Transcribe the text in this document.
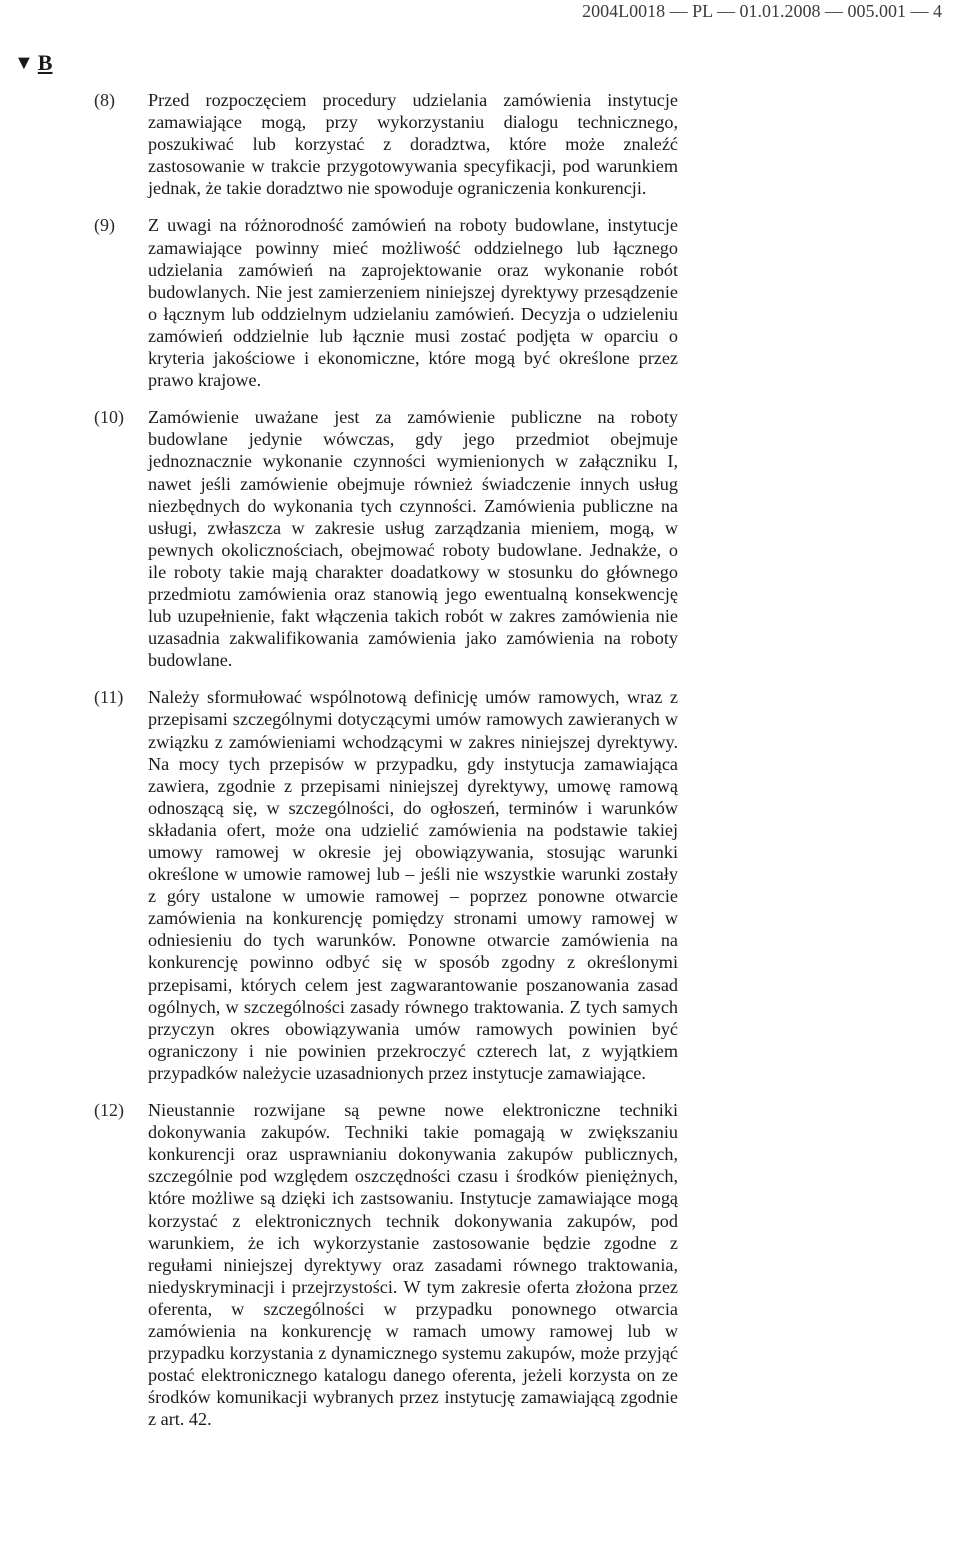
2004L0018 — PL — 01.01.2008 — 005.001 — 4
▼ B
(8) Przed rozpoczęciem procedury udzielania zamówienia instytucje zamawiające mogą, przy wykorzystaniu dialogu technicznego, poszukiwać lub korzystać z doradztwa, które może znaleźć zastosowanie w trakcie przygotowywania specyfikacji, pod warunkiem jednak, że takie doradztwo nie spowoduje ograniczenia konkurencji.
(9) Z uwagi na różnorodność zamówień na roboty budowlane, instytucje zamawiające powinny mieć możliwość oddzielnego lub łącznego udzielania zamówień na zaprojektowanie oraz wykonanie robót budowlanych. Nie jest zamierzeniem niniejszej dyrektywy przesądzenie o łącznym lub oddzielnym udzielaniu zamówień. Decyzja o udzieleniu zamówień oddzielnie lub łącznie musi zostać podjęta w oparciu o kryteria jakościowe i ekonomiczne, które mogą być określone przez prawo krajowe.
(10) Zamówienie uważane jest za zamówienie publiczne na roboty budowlane jedynie wówczas, gdy jego przedmiot obejmuje jednoznacznie wykonanie czynności wymienionych w załączniku I, nawet jeśli zamówienie obejmuje również świadczenie innych usług niezbędnych do wykonania tych czynności. Zamówienia publiczne na usługi, zwłaszcza w zakresie usług zarządzania mieniem, mogą, w pewnych okolicznościach, obejmować roboty budowlane. Jednakże, o ile roboty takie mają charakter doadatkowy w stosunku do głównego przedmiotu zamówienia oraz stanowią jego ewentualną konsekwencję lub uzupełnienie, fakt włączenia takich robót w zakres zamówienia nie uzasadnia zakwalifikowania zamówienia jako zamówienia na roboty budowlane.
(11) Należy sformułować wspólnotową definicję umów ramowych, wraz z przepisami szczególnymi dotyczącymi umów ramowych zawieranych w związku z zamówieniami wchodzącymi w zakres niniejszej dyrektywy. Na mocy tych przepisów w przypadku, gdy instytucja zamawiająca zawiera, zgodnie z przepisami niniejszej dyrektywy, umowę ramową odnoszącą się, w szczególności, do ogłoszeń, terminów i warunków składania ofert, może ona udzielić zamówienia na podstawie takiej umowy ramowej w okresie jej obowiązywania, stosując warunki określone w umowie ramowej lub – jeśli nie wszystkie warunki zostały z góry ustalone w umowie ramowej – poprzez ponowne otwarcie zamówienia na konkurencję pomiędzy stronami umowy ramowej w odniesieniu do tych warunków. Ponowne otwarcie zamówienia na konkurencję powinno odbyć się w sposób zgodny z określonymi przepisami, których celem jest zagwarantowanie poszanowania zasad ogólnych, w szczególności zasady równego traktowania. Z tych samych przyczyn okres obowiązywania umów ramowych powinien być ograniczony i nie powinien przekroczyć czterech lat, z wyjątkiem przypadków należycie uzasadnionych przez instytucje zamawiające.
(12) Nieustannie rozwijane są pewne nowe elektroniczne techniki dokonywania zakupów. Techniki takie pomagają w zwiększaniu konkurencji oraz usprawnianiu dokonywania zakupów publicznych, szczególnie pod względem oszczędności czasu i środków pieniężnych, które możliwe są dzięki ich zastsowaniu. Instytucje zamawiające mogą korzystać z elektronicznych technik dokonywania zakupów, pod warunkiem, że ich wykorzystanie zastosowanie będzie zgodne z regułami niniejszej dyrektywy oraz zasadami równego traktowania, niedyskryminacji i przejrzystości. W tym zakresie oferta złożona przez oferenta, w szczególności w przypadku ponownego otwarcia zamówienia na konkurencję w ramach umowy ramowej lub w przypadku korzystania z dynamicznego systemu zakupów, może przyjąć postać elektronicznego katalogu danego oferenta, jeżeli korzysta on ze środków komunikacji wybranych przez instytucję zamawiającą zgodnie z art. 42.
